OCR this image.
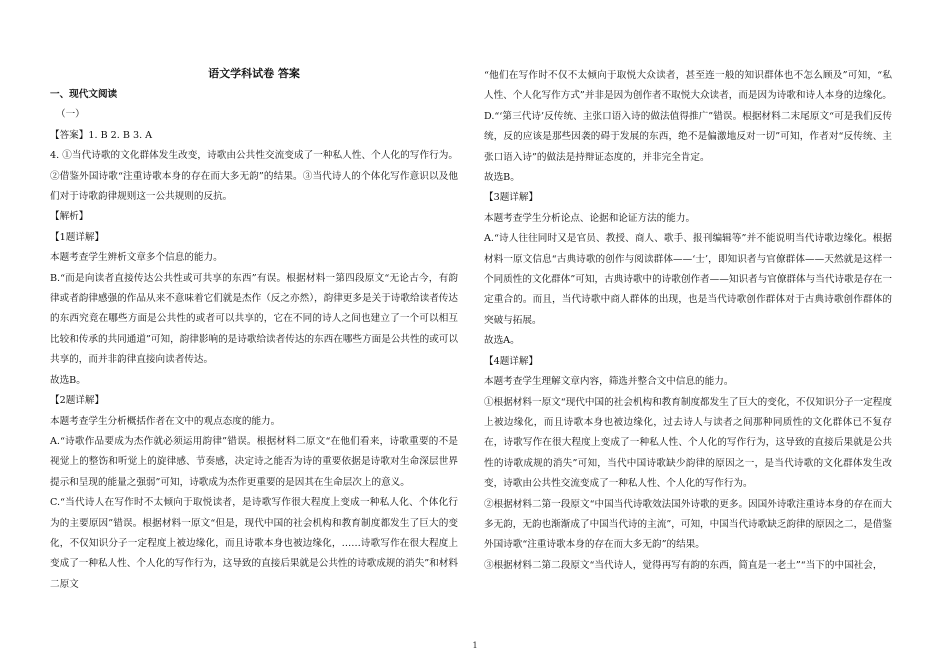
语文学科试卷 答案

一、现代文阅读

（一）

【答案】1. B 2. B 3. A

4. ①当代诗歌的文化群体发生改变，诗歌由公共性交流变成了一种私人性、个人化的写作行为。②借鉴外国诗歌“注重诗歌本身的存在而大多无韵”的结果。③当代诗人的个体化写作意识以及他们对于诗歌韵律规则这一公共规则的反抗。

【解析】

【1题详解】

本题考查学生辨析文章多个信息的能力。

B.“而是向读者直接传达公共性或可共享的东西”有误。根据材料一第四段原文“无论古今，有韵律或者韵律感强的作品从来不意味着它们就是杰作（反之亦然），韵律更多是关于诗歌给读者传达的东西究竟在哪些方面是公共性的或者可以共享的，它在不同的诗人之间也建立了一个可以相互比较和传承的共同通道”可知，韵律影响的是诗歌给读者传达的东西在哪些方面是公共性的或可以共享的，而并非韵律直接向读者传达。

故选B。

【2题详解】

本题考查学生分析概括作者在文中的观点态度的能力。

A.“诗歌作品要成为杰作就必须运用韵律”错误。根据材料二原文“在他们看来，诗歌重要的不是视觉上的整饬和听觉上的旋律感、节奏感，决定诗之能否为诗的重要依据是诗歌对生命深层世界提示和呈现的能量之强弱”可知，诗歌成为杰作更重要的是因其在生命层次上的意义。

C.“当代诗人在写作时不太倾向于取悦读者，是诗歌写作很大程度上变成一种私人化、个体化行为的主要原因”错误。根据材料一原文“但是，现代中国的社会机构和教育制度都发生了巨大的变化，不仅知识分子一定程度上被边缘化，而且诗歌本身也被边缘化，……诗歌写作在很大程度上变成了一种私人性、个人化的写作行为，这导致的直接后果就是公共性的诗歌成规的消失”和材料二原文

“他们在写作时不仅不太倾向于取悦大众读者，甚至连一般的知识群体也不怎么顾及”可知，“私人性、个人化写作方式”并非是因为创作者不取悦大众读者，而是因为诗歌和诗人本身的边缘化。

D.“‘第三代诗’反传统、主张口语入诗的做法值得推广”错误。根据材料二末尾原文“可是我们反传统，反的应该是那些因袭的碍于发展的东西，绝不是偏激地反对一切”可知，作者对“反传统、主张口语入诗”的做法是持辩证态度的，并非完全肯定。

故选B。

【3题详解】

本题考查学生分析论点、论据和论证方法的能力。

A.“诗人往往同时又是官员、教授、商人、歌手、报刊编辑等”并不能说明当代诗歌边缘化。根据材料一原文信息“古典诗歌的创作与阅读群体——‘士’，即知识者与官僚群体——天然就是这样一个同质性的文化群体”可知，古典诗歌中的诗歌创作者——知识者与官僚群体与当代诗歌是存在一定重合的。而且，当代诗歌中商人群体的出现，也是当代诗歌创作群体对于古典诗歌创作群体的突破与拓展。

故选A。

【4题详解】

本题考查学生理解文章内容，筛选并整合文中信息的能力。

①根据材料一原文“现代中国的社会机构和教育制度都发生了巨大的变化，不仅知识分子一定程度上被边缘化，而且诗歌本身也被边缘化，过去诗人与读者之间那种同质性的文化群体已不复存在，诗歌写作在很大程度上变成了一种私人性、个人化的写作行为，这导致的直接后果就是公共性的诗歌成规的消失”可知，当代中国诗歌缺少韵律的原因之一，是当代诗歌的文化群体发生改变，诗歌由公共性交流变成了一种私人性、个人化的写作行为。

②根据材料二第一段原文“中国当代诗歌效法国外诗歌的更多。因国外诗歌注重诗本身的存在而大多无韵，无韵也渐渐成了中国当代诗的主流”，可知，中国当代诗歌缺乏韵律的原因之二，是借鉴外国诗歌“注重诗歌本身的存在而大多无韵”的结果。

③根据材料二第二段原文“当代诗人，觉得再写有韵的东西，简直是一老土”“当下的中国社会，

1
